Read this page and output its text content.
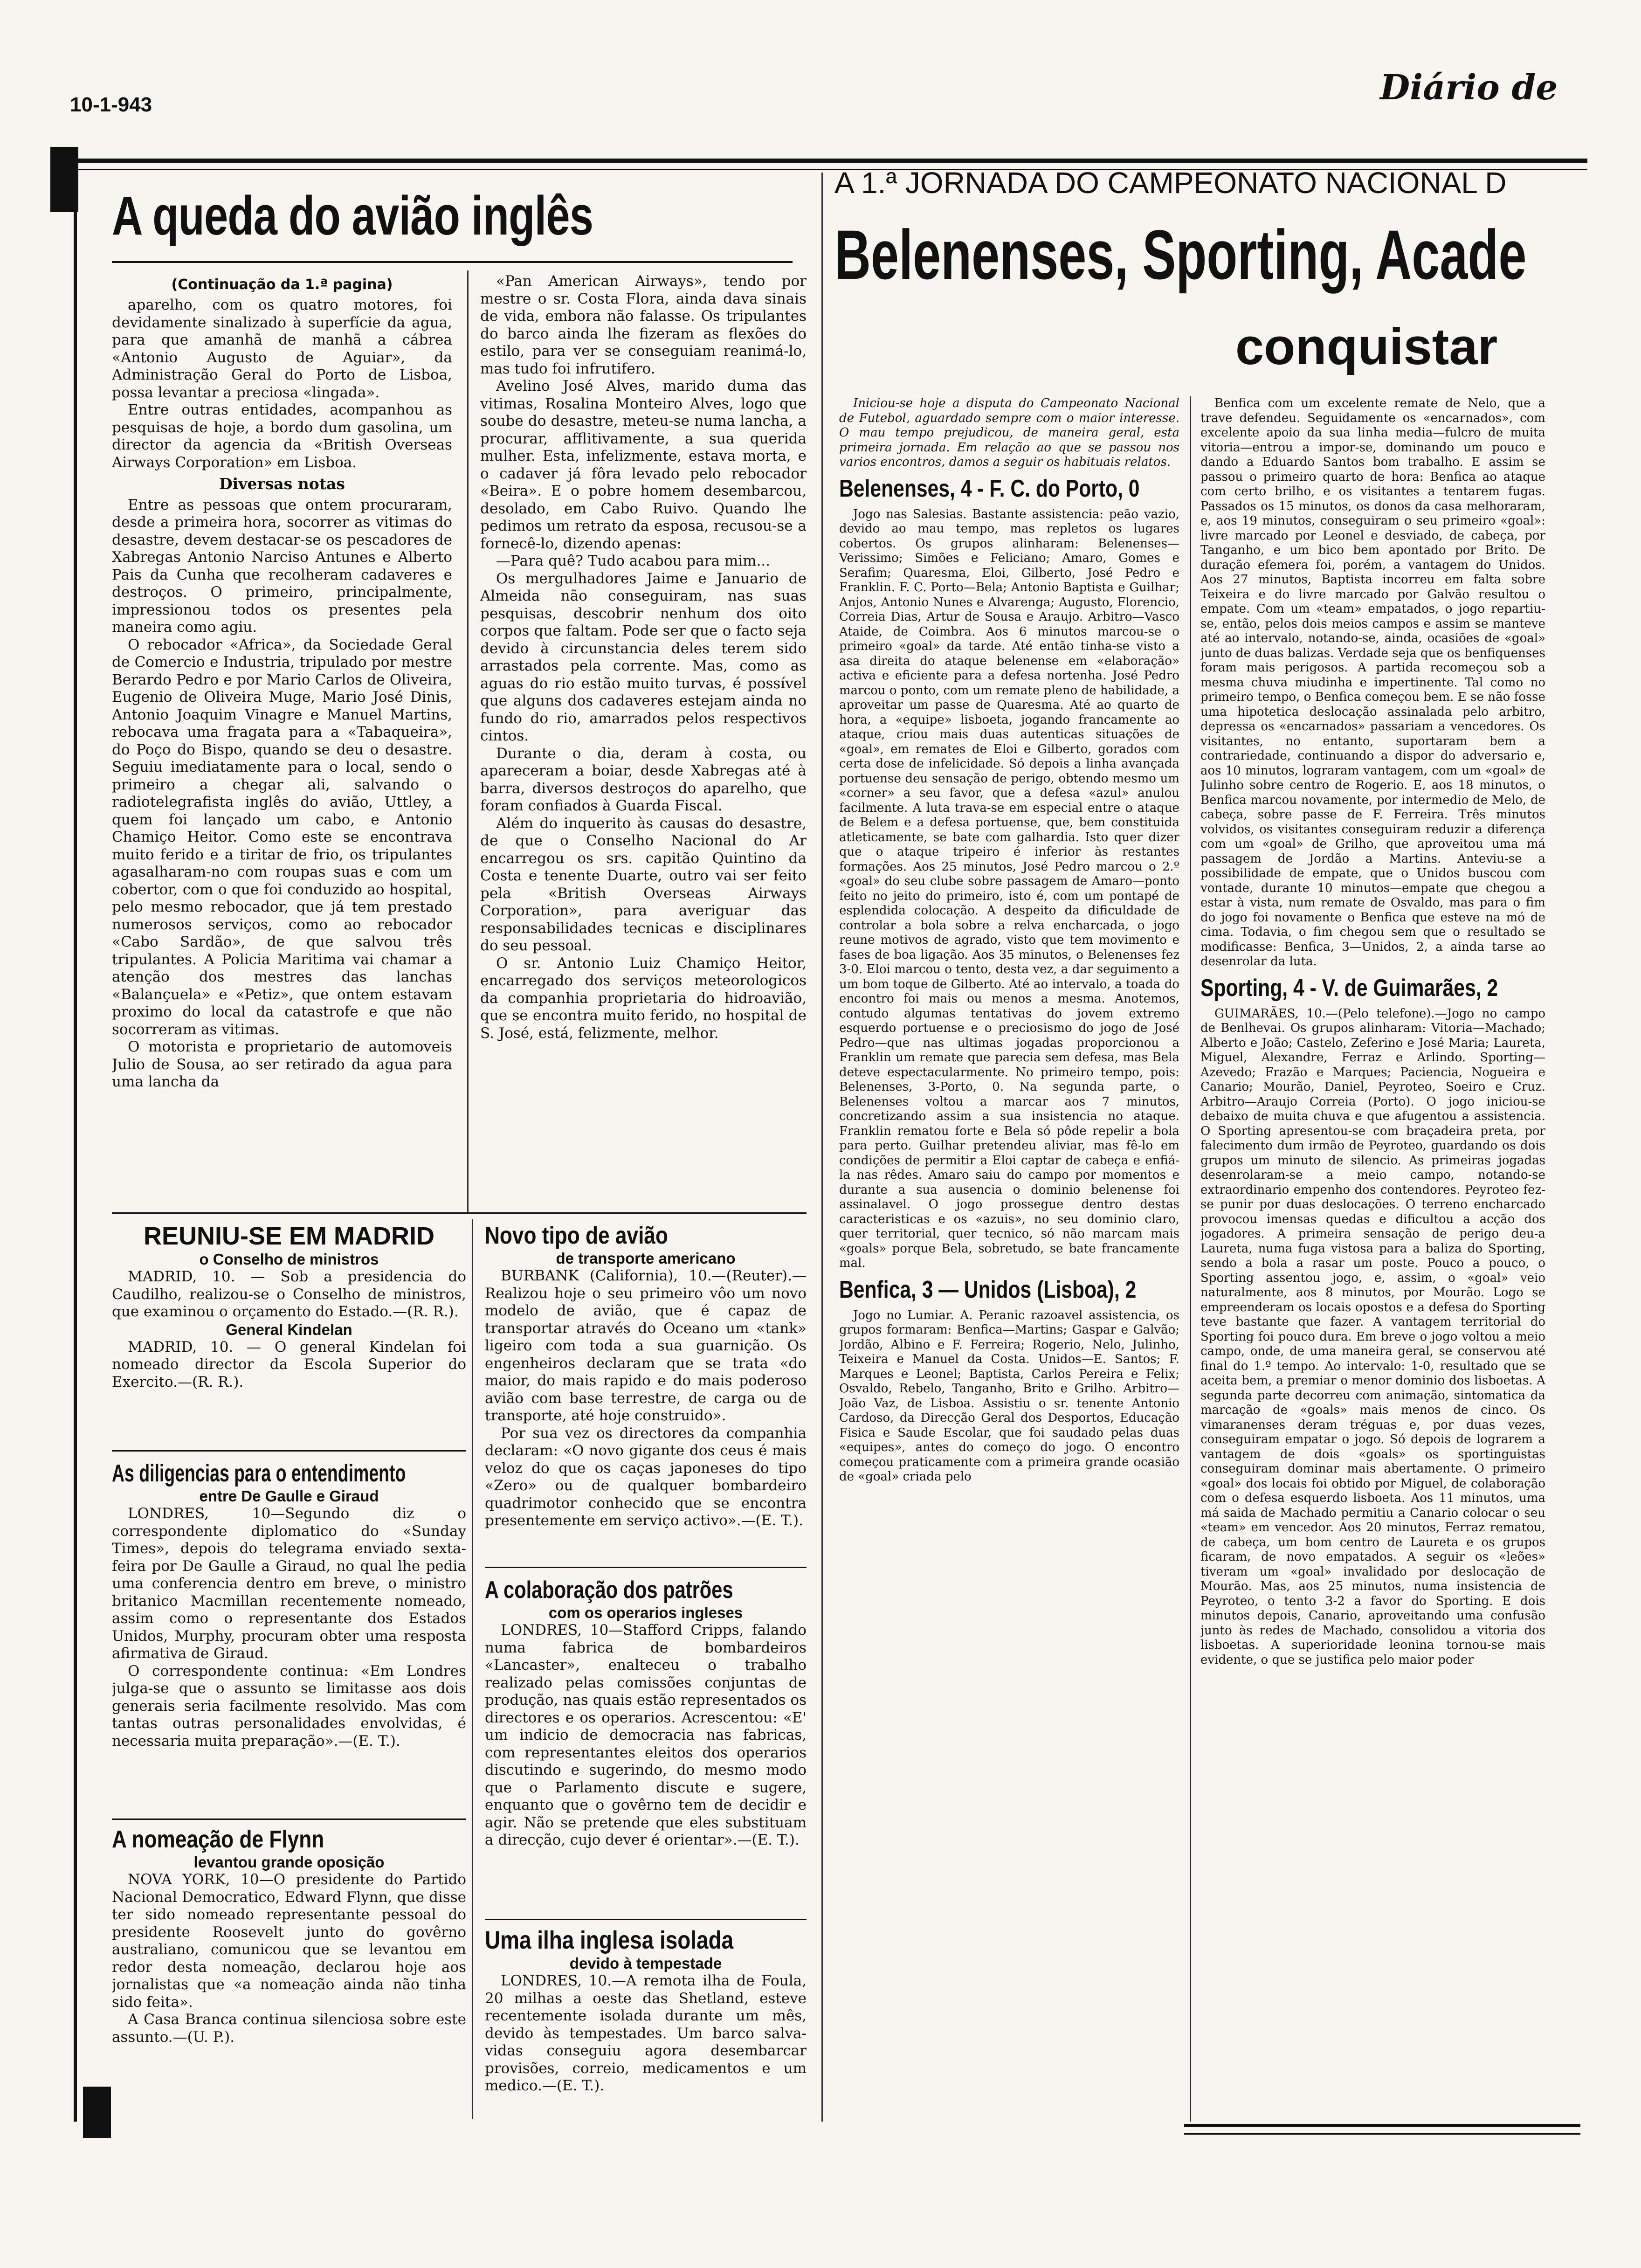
10-1-943	Diário de
A queda do avião inglês
(Continuação da 1.ª pagina)

aparelho, com os quatro motores, foi devidamente sinalizado à superfície da agua, para que amanhã de manhã a cábrea «Antonio Augusto de Aguiar», da Administração Geral do Porto de Lisboa, possa levantar a preciosa «lingada».

Entre outras entidades, acompanhou as pesquisas de hoje, a bordo dum gasolina, um director da agencia da «British Overseas Airways Corporation» em Lisboa.

Diversas notas

Entre as pessoas que ontem procuraram, desde a primeira hora, socorrer as vitimas do desastre, devem destacar-se os pescadores de Xabregas Antonio Narciso Antunes e Alberto Pais da Cunha que recolheram cadaveres e destroços. O primeiro, principalmente, impressionou todos os presentes pela maneira como agiu.

O rebocador «Africa», da Sociedade Geral de Comercio e Industria, tripulado por mestre Berardo Pedro e por Mario Carlos de Oliveira, Eugenio de Oliveira Muge, Mario José Dinis, Antonio Joaquim Vinagre e Manuel Martins, rebocava uma fragata para a «Tabaqueira», do Poço do Bispo, quando se deu o desastre. Seguiu imediatamente para o local, sendo o primeiro a chegar ali, salvando o radiotelegrafista inglês do avião, Uttley, a quem foi lançado um cabo, e Antonio Chamiço Heitor. Como este se encontrava muito ferido e a tiritar de frio, os tripulantes agasalharam-no com roupas suas e com um cobertor, com o que foi conduzido ao hospital, pelo mesmo rebocador, que já tem prestado numerosos serviços, como ao rebocador «Cabo Sardão», de que salvou três tripulantes. A Policia Maritima vai chamar a atenção dos mestres das lanchas «Balançuela» e «Petiz», que ontem estavam proximo do local da catastrofe e que não socorreram as vitimas.

O motorista e proprietario de automoveis Julio de Sousa, ao ser retirado da agua para uma lancha da

«Pan American Airways», tendo por mestre o sr. Costa Flora, ainda dava sinais de vida, embora não falasse. Os tripulantes do barco ainda lhe fizeram as flexões do estilo, para ver se conseguiam reanimá-lo, mas tudo foi infrutifero.

Avelino José Alves, marido duma das vitimas, Rosalina Monteiro Alves, logo que soube do desastre, meteu-se numa lancha, a procurar, afflitivamente, a sua querida mulher. Esta, infelizmente, estava morta, e o cadaver já fôra levado pelo rebocador «Beira». E o pobre homem desembarcou, desolado, em Cabo Ruivo. Quando lhe pedimos um retrato da esposa, recusou-se a fornecê-lo, dizendo apenas:

—Para quê? Tudo acabou para mim...

Os mergulhadores Jaime e Januario de Almeida não conseguiram, nas suas pesquisas, descobrir nenhum dos oito corpos que faltam. Pode ser que o facto seja devido à circunstancia deles terem sido arrastados pela corrente. Mas, como as aguas do rio estão muito turvas, é possível que alguns dos cadaveres estejam ainda no fundo do rio, amarrados pelos respectivos cintos.

Durante o dia, deram à costa, ou apareceram a boiar, desde Xabregas até à barra, diversos destroços do aparelho, que foram confiados à Guarda Fiscal.

Além do inquerito às causas do desastre, de que o Conselho Nacional do Ar encarregou os srs. capitão Quintino da Costa e tenente Duarte, outro vai ser feito pela «British Overseas Airways Corporation», para averiguar das responsabilidades tecnicas e disciplinares do seu pessoal.

O sr. Antonio Luiz Chamiço Heitor, encarregado dos serviços meteorologicos da companhia proprietaria do hidroavião, que se encontra muito ferido, no hospital de S. José, está, felizmente, melhor.

REUNIU-SE EM MADRID
o Conselho de ministros

MADRID, 10. — Sob a presidencia do Caudilho, realizou-se o Conselho de ministros, que examinou o orçamento do Estado.—(R. R.).

General Kindelan

MADRID, 10. — O general Kindelan foi nomeado director da Escola Superior do Exercito.—(R. R.).

As diligencias para o entendimento
entre De Gaulle e Giraud

LONDRES, 10—Segundo diz o correspondente diplomatico do «Sunday Times», depois do telegrama enviado sexta-feira por De Gaulle a Giraud, no qual lhe pedia uma conferencia dentro em breve, o ministro britanico Macmillan recentemente nomeado, assim como o representante dos Estados Unidos, Murphy, procuram obter uma resposta afirmativa de Giraud.

O correspondente continua: «Em Londres julga-se que o assunto se limitasse aos dois generais seria facilmente resolvido. Mas com tantas outras personalidades envolvidas, é necessaria muita preparação».—(E. T.).

A nomeação de Flynn
levantou grande oposição

NOVA YORK, 10—O presidente do Partido Nacional Democratico, Edward Flynn, que disse ter sido nomeado representante pessoal do presidente Roosevelt junto do govêrno australiano, comunicou que se levantou em redor desta nomeação, declarou hoje aos jornalistas que «a nomeação ainda não tinha sido feita».

A Casa Branca continua silenciosa sobre este assunto.—(U. P.).

Novo tipo de avião
de transporte americano

BURBANK (California), 10.—(Reuter).—Realizou hoje o seu primeiro vôo um novo modelo de avião, que é capaz de transportar através do Oceano um «tank» ligeiro com toda a sua guarnição. Os engenheiros declaram que se trata «do maior, do mais rapido e do mais poderoso avião com base terrestre, de carga ou de transporte, até hoje construido».

Por sua vez os directores da companhia declaram: «O novo gigante dos ceus é mais veloz do que os caças japoneses do tipo «Zero» ou de qualquer bombardeiro quadrimotor conhecido que se encontra presentemente em serviço activo».—(E. T.).

A colaboração dos patrões
com os operarios ingleses

LONDRES, 10—Stafford Cripps, falando numa fabrica de bombardeiros «Lancaster», enalteceu o trabalho realizado pelas comissões conjuntas de produção, nas quais estão representados os directores e os operarios. Acrescentou: «E' um indicio de democracia nas fabricas, com representantes eleitos dos operarios discutindo e sugerindo, do mesmo modo que o Parlamento discute e sugere, enquanto que o govêrno tem de decidir e agir. Não se pretende que eles substituam a direcção, cujo dever é orientar».—(E. T.).

Uma ilha inglesa isolada
devido à tempestade

LONDRES, 10.—A remota ilha de Foula, 20 milhas a oeste das Shetland, esteve recentemente isolada durante um mês, devido às tempestades. Um barco salva-vidas conseguiu agora desembarcar provisões, correio, medicamentos e um medico.—(E. T.).

A 1.ª JORNADA DO CAMPEONATO NACIONAL D
Belenenses, Sporting, Acade
conquistar

Iniciou-se hoje a disputa do Campeonato Nacional de Futebol, aguardado sempre com o maior interesse. O mau tempo prejudicou, de maneira geral, esta primeira jornada. Em relação ao que se passou nos varios encontros, damos a seguir os habituais relatos.

Belenenses, 4 - F. C. do Porto, 0

Jogo nas Salesias. Bastante assistencia: peão vazio, devido ao mau tempo, mas repletos os lugares cobertos. Os grupos alinharam: Belenenses—Verissimo; Simões e Feliciano; Amaro, Gomes e Serafim; Quaresma, Eloi, Gilberto, José Pedro e Franklin. F. C. Porto—Bela; Antonio Baptista e Guilhar; Anjos, Antonio Nunes e Alvarenga; Augusto, Florencio, Correia Dias, Artur de Sousa e Araujo. Arbitro—Vasco Ataide, de Coimbra. Aos 6 minutos marcou-se o primeiro «goal» da tarde. Até então tinha-se visto a asa direita do ataque belenense em «elaboração» activa e eficiente para a defesa nortenha. José Pedro marcou o ponto, com um remate pleno de habilidade, a aproveitar um passe de Quaresma. Até ao quarto de hora, a «equipe» lisboeta, jogando francamente ao ataque, criou mais duas autenticas situações de «goal», em remates de Eloi e Gilberto, gorados com certa dose de infelicidade. Só depois a linha avançada portuense deu sensação de perigo, obtendo mesmo um «corner» a seu favor, que a defesa «azul» anulou facilmente. A luta trava-se em especial entre o ataque de Belem e a defesa portuense, que, bem constituida atleticamente, se bate com galhardia. Isto quer dizer que o ataque tripeiro é inferior às restantes formações. Aos 25 minutos, José Pedro marcou o 2.º «goal» do seu clube sobre passagem de Amaro—ponto feito no jeito do primeiro, isto é, com um pontapé de esplendida colocação. A despeito da dificuldade de controlar a bola sobre a relva encharcada, o jogo reune motivos de agrado, visto que tem movimento e fases de boa ligação. Aos 35 minutos, o Belenenses fez 3-0. Eloi marcou o tento, desta vez, a dar seguimento a um bom toque de Gilberto. Até ao intervalo, a toada do encontro foi mais ou menos a mesma. Anotemos, contudo algumas tentativas do jovem extremo esquerdo portuense e o preciosismo do jogo de José Pedro—que nas ultimas jogadas proporcionou a Franklin um remate que parecia sem defesa, mas Bela deteve espectacularmente. No primeiro tempo, pois: Belenenses, 3-Porto, 0. Na segunda parte, o Belenenses voltou a marcar aos 7 minutos, concretizando assim a sua insistencia no ataque. Franklin rematou forte e Bela só pôde repelir a bola para perto. Guilhar pretendeu aliviar, mas fê-lo em condições de permitir a Eloi captar de cabeça e enfiá-la nas rêdes. Amaro saiu do campo por momentos e durante a sua ausencia o dominio belenense foi assinalavel. O jogo prossegue dentro destas caracteristicas e os «azuis», no seu dominio claro, quer territorial, quer tecnico, só não marcam mais «goals» porque Bela, sobretudo, se bate francamente mal.

Benfica, 3 — Unidos (Lisboa), 2

Jogo no Lumiar. A. Peranic razoavel assistencia, os grupos formaram: Benfica—Martins; Gaspar e Galvão; Jordão, Albino e F. Ferreira; Rogerio, Nelo, Julinho, Teixeira e Manuel da Costa. Unidos—E. Santos; F. Marques e Leonel; Baptista, Carlos Pereira e Felix; Osvaldo, Rebelo, Tanganho, Brito e Grilho. Arbitro—João Vaz, de Lisboa. Assistiu o sr. tenente Antonio Cardoso, da Direcção Geral dos Desportos, Educação Fisica e Saude Escolar, que foi saudado pelas duas «equipes», antes do começo do jogo. O encontro começou praticamente com a primeira grande ocasião de «goal» criada pelo

Benfica com um excelente remate de Nelo, que a trave defendeu. Seguidamente os «encarnados», com excelente apoio da sua linha media—fulcro de muita vitoria—entrou a impor-se, dominando um pouco e dando a Eduardo Santos bom trabalho. E assim se passou o primeiro quarto de hora: Benfica ao ataque com certo brilho, e os visitantes a tentarem fugas. Passados os 15 minutos, os donos da casa melhoraram, e, aos 19 minutos, conseguiram o seu primeiro «goal»: livre marcado por Leonel e desviado, de cabeça, por Tanganho, e um bico bem apontado por Brito. De duração efemera foi, porém, a vantagem do Unidos. Aos 27 minutos, Baptista incorreu em falta sobre Teixeira e do livre marcado por Galvão resultou o empate. Com um «team» empatados, o jogo repartiu-se, então, pelos dois meios campos e assim se manteve até ao intervalo, notando-se, ainda, ocasiões de «goal» junto de duas balizas. Verdade seja que os benfiquenses foram mais perigosos. A partida recomeçou sob a mesma chuva miudinha e impertinente. Tal como no primeiro tempo, o Benfica começou bem. E se não fosse uma hipotetica deslocação assinalada pelo arbitro, depressa os «encarnados» passariam a vencedores. Os visitantes, no entanto, suportaram bem a contrariedade, continuando a dispor do adversario e, aos 10 minutos, lograram vantagem, com um «goal» de Julinho sobre centro de Rogerio. E, aos 18 minutos, o Benfica marcou novamente, por intermedio de Melo, de cabeça, sobre passe de F. Ferreira. Três minutos volvidos, os visitantes conseguiram reduzir a diferença com um «goal» de Grilho, que aproveitou uma má passagem de Jordão a Martins. Anteviu-se a possibilidade de empate, que o Unidos buscou com vontade, durante 10 minutos—empate que chegou a estar à vista, num remate de Osvaldo, mas para o fim do jogo foi novamente o Benfica que esteve na mó de cima. Todavia, o fim chegou sem que o resultado se modificasse: Benfica, 3—Unidos, 2, a ainda tarse ao desenrolar da luta.

Sporting, 4 - V. de Guimarães, 2

GUIMARÃES, 10.—(Pelo telefone).—Jogo no campo de Benlhevai. Os grupos alinharam: Vitoria—Machado; Alberto e João; Castelo, Zeferino e José Maria; Laureta, Miguel, Alexandre, Ferraz e Arlindo. Sporting—Azevedo; Frazão e Marques; Paciencia, Nogueira e Canario; Mourão, Daniel, Peyroteo, Soeiro e Cruz. Arbitro—Araujo Correia (Porto). O jogo iniciou-se debaixo de muita chuva e que afugentou a assistencia. O Sporting apresentou-se com braçadeira preta, por falecimento dum irmão de Peyroteo, guardando os dois grupos um minuto de silencio. As primeiras jogadas desenrolaram-se a meio campo, notando-se extraordinario empenho dos contendores. Peyroteo fez-se punir por duas deslocações. O terreno encharcado provocou imensas quedas e dificultou a acção dos jogadores. A primeira sensação de perigo deu-a Laureta, numa fuga vistosa para a baliza do Sporting, sendo a bola a rasar um poste. Pouco a pouco, o Sporting assentou jogo, e, assim, o «goal» veio naturalmente, aos 8 minutos, por Mourão. Logo se empreenderam os locais opostos e a defesa do Sporting teve bastante que fazer. A vantagem territorial do Sporting foi pouco dura. Em breve o jogo voltou a meio campo, onde, de uma maneira geral, se conservou até final do 1.º tempo. Ao intervalo: 1-0, resultado que se aceita bem, a premiar o menor dominio dos lisboetas. A segunda parte decorreu com animação, sintomatica da marcação de «goals» mais menos de cinco. Os vimaranenses deram tréguas e, por duas vezes, conseguiram empatar o jogo. Só depois de lograrem a vantagem de dois «goals» os sportinguistas conseguiram dominar mais abertamente. O primeiro «goal» dos locais foi obtido por Miguel, de colaboração com o defesa esquerdo lisboeta. Aos 11 minutos, uma má saida de Machado permitiu a Canario colocar o seu «team» em vencedor. Aos 20 minutos, Ferraz rematou, de cabeça, um bom centro de Laureta e os grupos ficaram, de novo empatados. A seguir os «leões» tiveram um «goal» invalidado por deslocação de Mourão. Mas, aos 25 minutos, numa insistencia de Peyroteo, o tento 3-2 a favor do Sporting. E dois minutos depois, Canario, aproveitando uma confusão junto às redes de Machado, consolidou a vitoria dos lisboetas. A superioridade leonina tornou-se mais evidente, o que se justifica pelo maior poder
